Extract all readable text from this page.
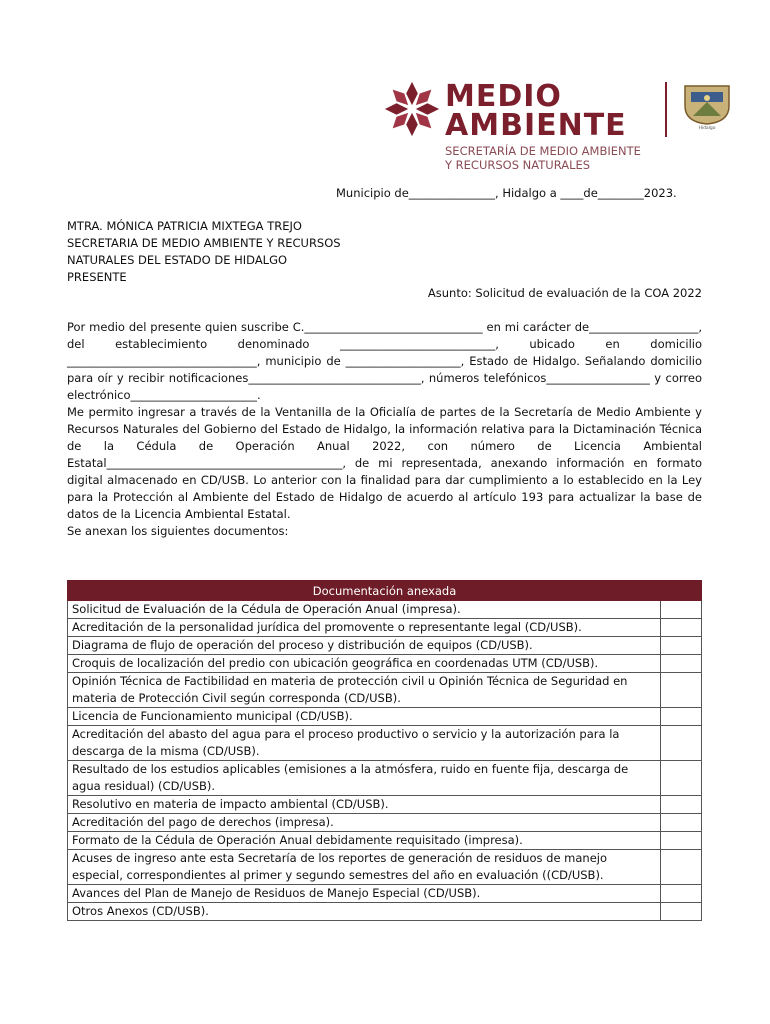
MEDIO
AMBIENTE
SECRETARÍA DE MEDIO AMBIENTE
Y RECURSOS NATURALES
Hidalgo
Municipio de_______________, Hidalgo a ____de________2023.
MTRA. MÓNICA PATRICIA MIXTEGA TREJO
SECRETARIA DE MEDIO AMBIENTE Y RECURSOS
NATURALES DEL ESTADO DE HIDALGO
PRESENTE
Asunto: Solicitud de evaluación de la COA 2022

Por medio del presente quien suscribe C._______________________________ en mi carácter de___________________, del establecimiento denominado ___________________________, ubicado en domicilio _________________________________, municipio de ____________________, Estado de Hidalgo. Señalando domicilio para oír y recibir notificaciones______________________________, números telefónicos__________________ y correo electrónico______________________.

Me permito ingresar a través de la Ventanilla de la Oficialía de partes de la Secretaría de Medio Ambiente y Recursos Naturales del Gobierno del Estado de Hidalgo, la información relativa para la Dictaminación Técnica de la Cédula de Operación Anual 2022, con número de Licencia Ambiental Estatal_________________________________________, de mi representada, anexando información en formato digital almacenado en CD/USB. Lo anterior con la finalidad para dar cumplimiento a lo establecido en la Ley para la Protección al Ambiente del Estado de Hidalgo de acuerdo al artículo 193 para actualizar la base de datos de la Licencia Ambiental Estatal.

Se anexan los siguientes documentos:

Documentación anexada	
Solicitud de Evaluación de la Cédula de Operación Anual (impresa).	
Acreditación de la personalidad jurídica del promovente o representante legal (CD/USB).	
Diagrama de flujo de operación del proceso y distribución de equipos (CD/USB).	
Croquis de localización del predio con ubicación geográfica en coordenadas UTM (CD/USB).	
Opinión Técnica de Factibilidad en materia de protección civil u Opinión Técnica de Seguridad en materia de Protección Civil según corresponda (CD/USB).	
Licencia de Funcionamiento municipal (CD/USB).	
Acreditación del abasto del agua para el proceso productivo o servicio y la autorización para la descarga de la misma (CD/USB).	
Resultado de los estudios aplicables (emisiones a la atmósfera, ruido en fuente fija, descarga de agua residual) (CD/USB).	
Resolutivo en materia de impacto ambiental (CD/USB).	
Acreditación del pago de derechos (impresa).	
Formato de la Cédula de Operación Anual debidamente requisitado (impresa).	
Acuses de ingreso ante esta Secretaría de los reportes de generación de residuos de manejo especial, correspondientes al primer y segundo semestres del año en evaluación ((CD/USB).	
Avances del Plan de Manejo de Residuos de Manejo Especial (CD/USB).	
Otros Anexos (CD/USB).	
